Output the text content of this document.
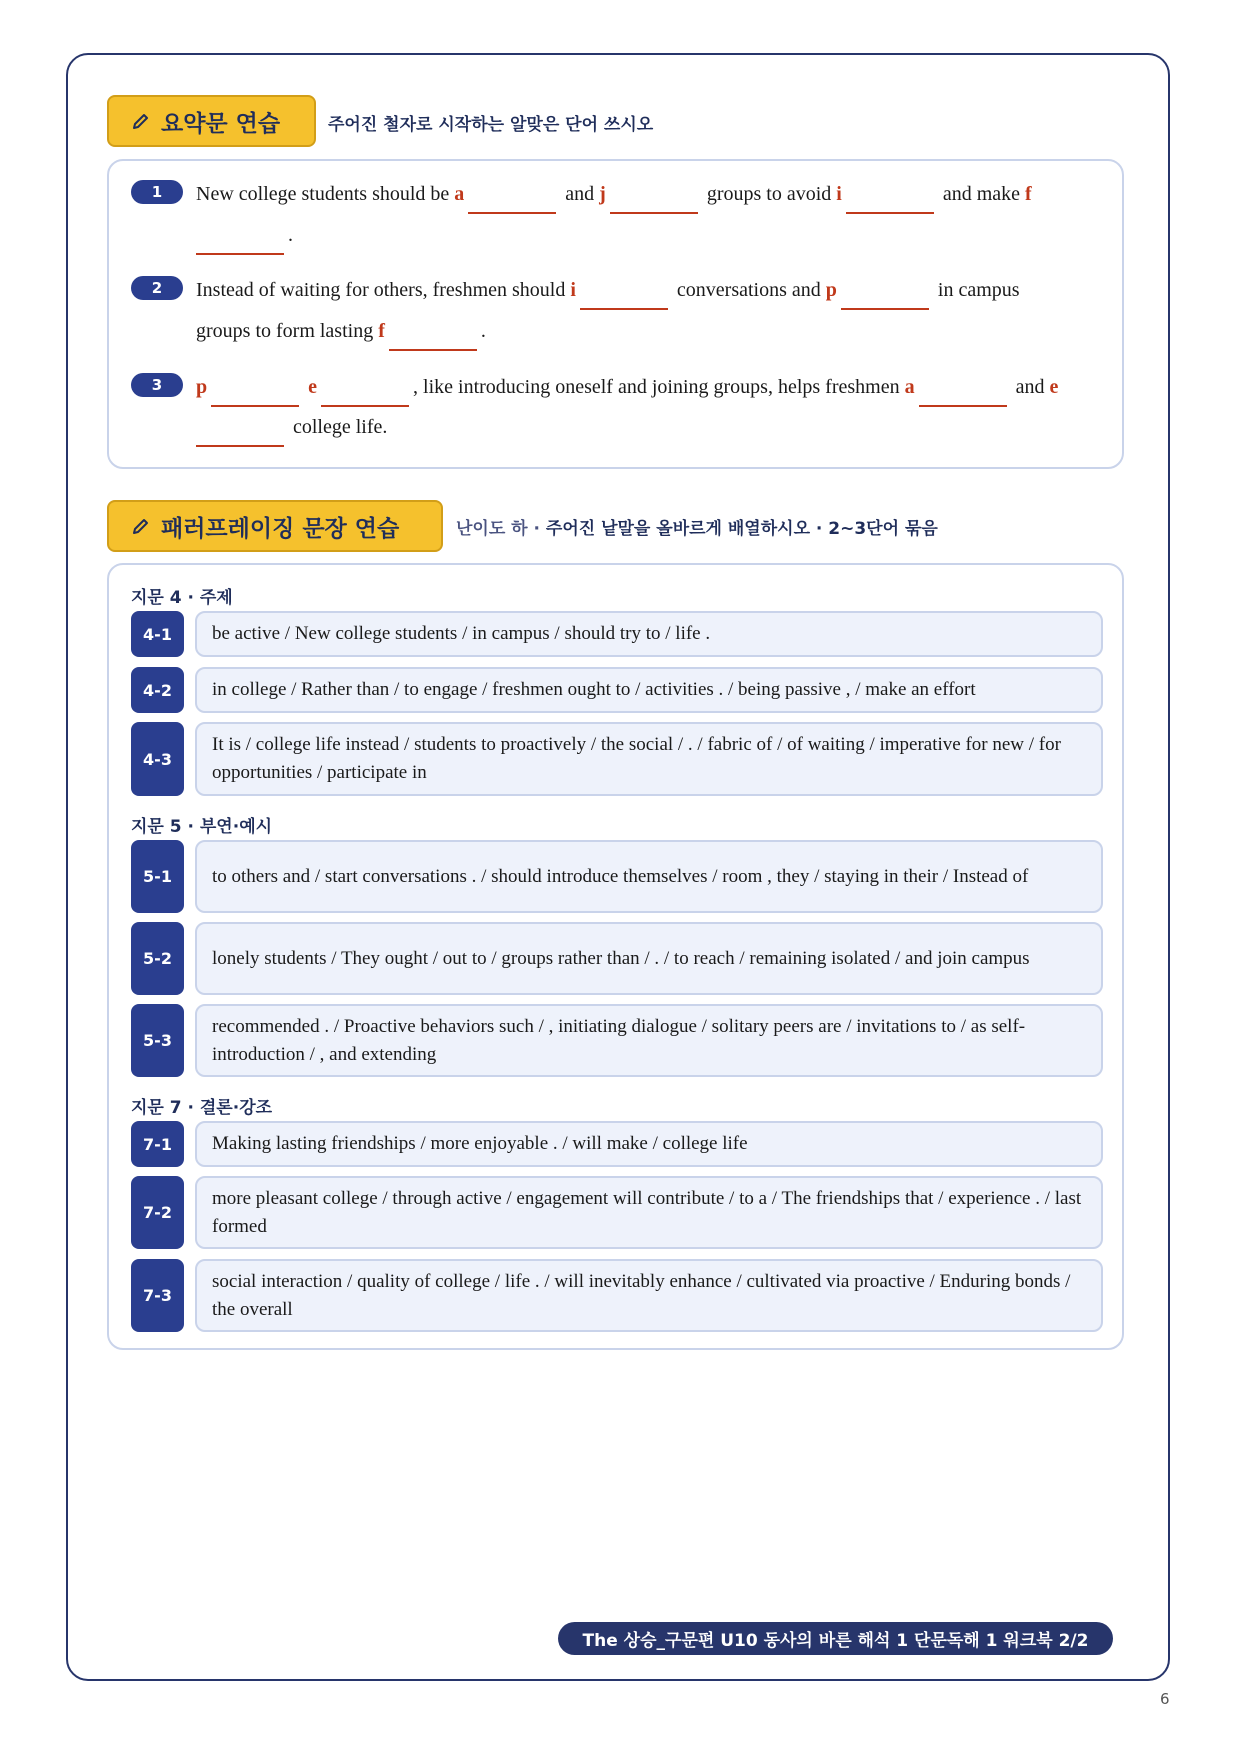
요약문 연습	주어진 철자로 시작하는 알맞은 단어 쓰시오
1	New college students should be a	and j	groups to avoid i	and make f
.
2	Instead of waiting for others, freshmen should i	conversations and p	in campus
groups to form lasting f	.
3	p	e	, like introducing oneself and joining groups, helps freshmen a	and e
college life.
패러프레이징 문장 연습	난이도 하 · 주어진 낱말을 올바르게 배열하시오 · 2~3단어 묶음
지문 4 · 주제
4-1	be active / New college students / in campus / should try to / life .
4-2	in college / Rather than / to engage / freshmen ought to / activities . / being passive , / make an effort
4-3
It is / college life instead / students to proactively / the social / . / fabric of / of waiting / imperative for new / for opportunities / participate in
지문 5 · 부연·예시
5-1	to others and / start conversations . / should introduce themselves / room , they / staying in their / Instead of
5-2	lonely students / They ought / out to / groups rather than / . / to reach / remaining isolated / and join campus
5-3
recommended . / Proactive behaviors such / , initiating dialogue / solitary peers are / invitations to / as self-introduction / , and extending
지문 7 · 결론·강조
7-1	Making lasting friendships / more enjoyable . / will make / college life
7-2
more pleasant college / through active / engagement will contribute / to a / The friendships that / experience . / last formed
7-3
social interaction / quality of college / life . / will inevitably enhance / cultivated via proactive / Enduring bonds / the overall
The 상승_구문편 U10 동사의 바른 해석 1 단문독해 1 워크북 2/2
6
